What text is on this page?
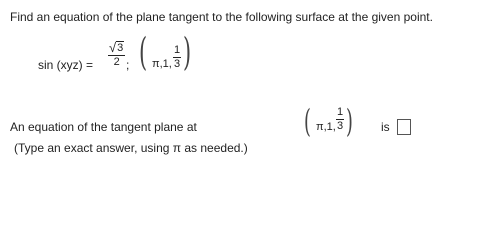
Find an equation of the plane tangent to the following surface at the given point.
sin (xyz) =
√ 3
2 ; ( π,1,
1
3 )
An equation of the tangent plane at	( π,1,
1
3 ) is
(Type an exact answer, using π as needed.)
